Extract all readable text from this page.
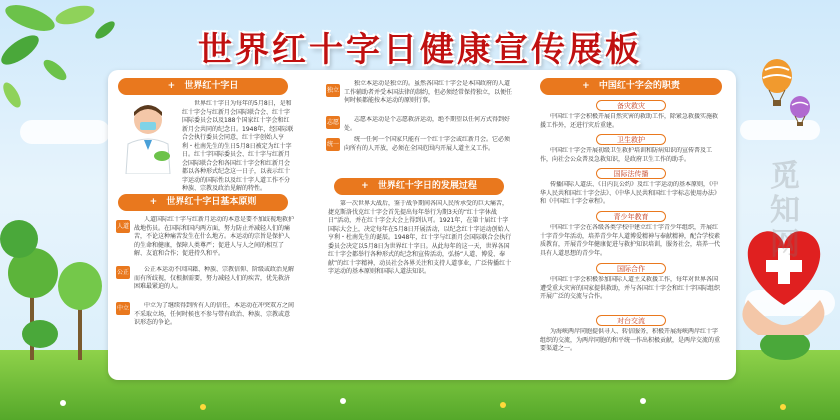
世界红十字日健康宣传展板
+ 世界红十字日
世界红十字日为每年的5月8日，是和红十字会与红新月会国际联合会、红十字国际委员会以及188个国家红十字会和红新月会共同的纪念日。1948年，经国际联合会执行委员会同意，红十字创始人亨利・杜南先生的生日5月8日被定为红十字日。红十字国际委员会、红十字与红新月会国际联合会和各国红十字会和红新月会都以各种形式纪念这一日子，以表示红十字运动的国际性以及红十字人道工作不分种族、宗教及政治见解的特性。
+ 世界红十字日基本原则
人道
人道国际红十字与红新月运动的本意是要不加歧视地救护战地伤员。在国际和国内两方面，努力防止并减轻人们的痛苦，不论这种痛苦发生在什么地方。本运动的宗旨是保护人的生命和健康，保障人类尊严；促进人与人之间的相互了解、友谊和合作；促进持久和平。
公正	公正本运动不因国籍、种族、宗教信仰、阶级或政治见解而有所歧视，仅根据需要，努力减轻人们的疾苦，优先救济困难最紧迫的人。
中立	中立为了继续得到所有人的信任，本运动在冲突双方之间不采取立场，任何时候也不参与带有政治、种族、宗教或意识形态的争论。
独立
独立本运动是独立的。虽然各国红十字会是本国政府的人道工作辅助者并受本国法律的制约，但必须经常保持独立，以便任何时候都能按本运动的原则行事。
志愿	志愿本运动是个志愿救济运动，绝不期望以任何方式得到好处。
统一
统一任何一个国家只能有一个红十字会或红新月会。它必须向所有的人开放，必须在全国范围内开展人道主义工作。
+ 世界红十字日的发展过程
第一次世界大战后，鉴于战争期间各国人民所承受的巨大痛苦，捷克斯洛伐克红十字会首先提出每年举行为期3天的“红十字休战日”活动，并在红十字会大会上得到认可。1921年，在第十届红十字国际大会上，决定每年在5月8日开展活动，以纪念红十字运动创始人亨利・杜南先生的诞辰。1948年，红十字与红新月会国际联合会执行委员会决定以5月8日为世界红十字日。从此每年的这一天，世界各国红十字会都举行各种形式的纪念和宣传活动，弘扬“人道、博爱、奉献”的红十字精神，动员社会各界关注和支持人道事业，广泛传播红十字运动的基本原则和国际人道法知识。
+ 中国红十字会的职责
备灾救灾
中国红十字会积极开展自然灾害的救助工作，除紧急救援实施救援工作外，还进行灾后重建。
卫生救护
中国红十字会开展初级卫生救护培训和防病知识的宣传普及工作，向社会公众普及急救知识，是政府卫生工作的助手。
国际法传播
传播国际人道法、《日内瓦公约》及红十字运动的基本原则，《中华人民共和国红十字会法》、《中华人民共和国红十字标志使用办法》和《中国红十字会章程》。
青少年教育
中国红十字会在各级各类学校中建立红十字青少年组织，开展红十字青少年活动，培养青少年人道博爱精神与奉献精神，配合学校素质教育，开展青少年健康促进与救护知识培训，服务社会，培养一代具有人道思想的青少年。
国际合作
中国红十字会积极参加国际人道主义救援工作，每年对世界各国遭受重大灾害的国家提供救助，并与各国红十字会和红十字国际组织开展广泛的交流与合作。
对台交流
为海峡两岸同胞提供寻人、转信服务，积极开展海峡两岸红十字组织的交流，为两岸同胞的和平统一作出积极贡献，是两岸交流的重要渠道之一。
觅知网
